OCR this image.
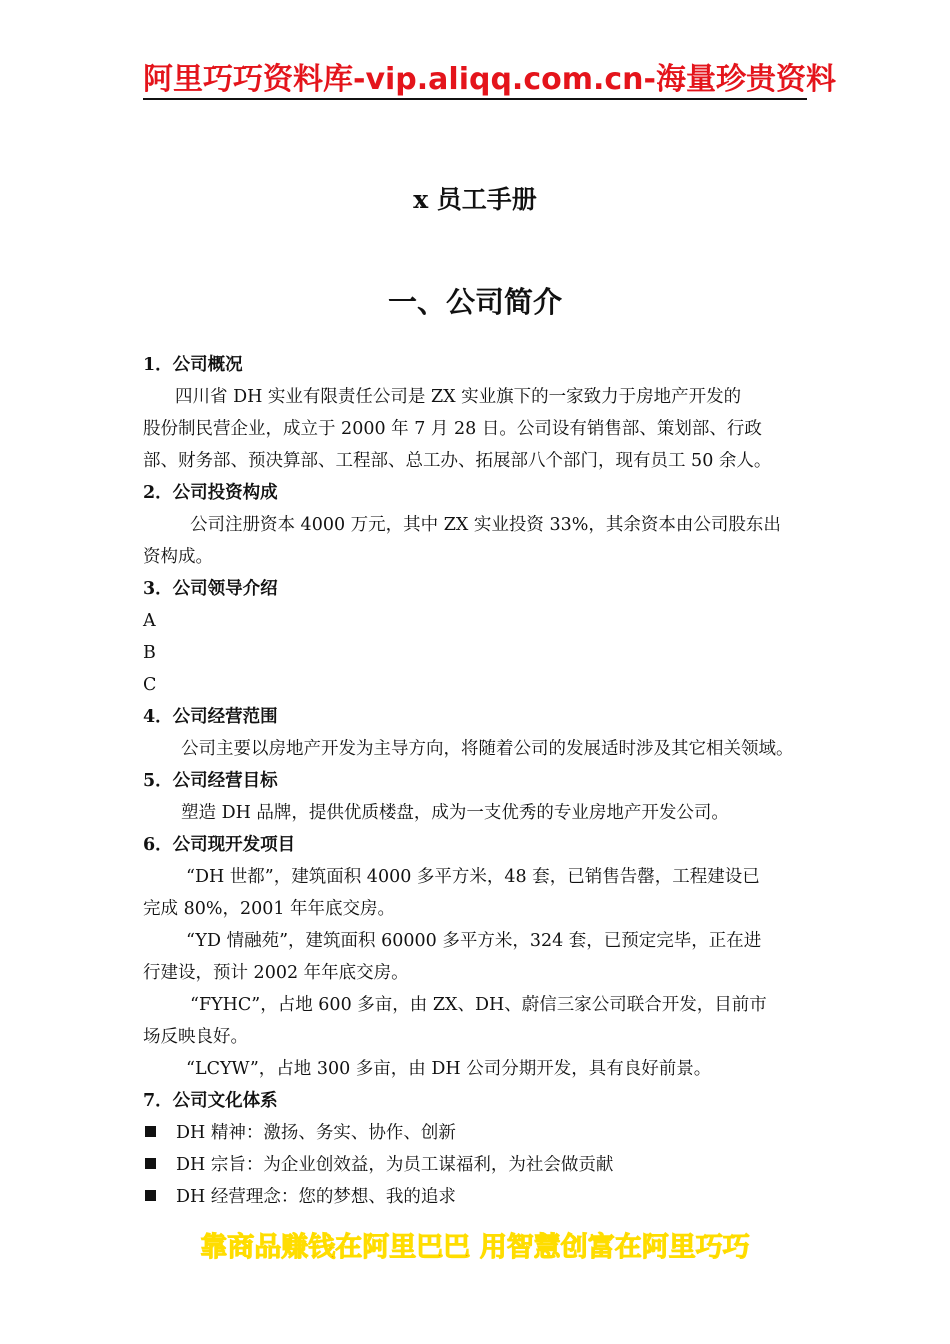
阿里巧巧资料库-vip.aliqq.com.cn-海量珍贵资料
x 员工手册
一、公司简介
1．公司概况
四川省 DH 实业有限责任公司是 ZX 实业旗下的一家致力于房地产开发的
股份制民营企业，成立于 2000 年 7 月 28 日。公司设有销售部、策划部、行政
部、财务部、预决算部、工程部、总工办、拓展部八个部门，现有员工 50 余人。
2．公司投资构成
公司注册资本 4000 万元，其中 ZX 实业投资 33%，其余资本由公司股东出
资构成。
3．公司领导介绍
A
B
C
4．公司经营范围
公司主要以房地产开发为主导方向，将随着公司的发展适时涉及其它相关领域。
5．公司经营目标
塑造 DH 品牌，提供优质楼盘，成为一支优秀的专业房地产开发公司。
6．公司现开发项目
“DH 世都”，建筑面积 4000 多平方米，48 套，已销售告罄，工程建设已
完成 80%，2001 年年底交房。
“YD 情融苑”，建筑面积 60000 多平方米，324 套，已预定完毕，正在进
行建设，预计 2002 年年底交房。
“FYHC”，占地 600 多亩，由 ZX、DH、蔚信三家公司联合开发，目前市
场反映良好。
“LCYW”，占地 300 多亩，由 DH 公司分期开发，具有良好前景。
7．公司文化体系
DH 精神：激扬、务实、协作、创新
DH 宗旨：为企业创效益，为员工谋福利，为社会做贡献
DH 经营理念：您的梦想、我的追求
靠商品赚钱在阿里巴巴 用智慧创富在阿里巧巧
